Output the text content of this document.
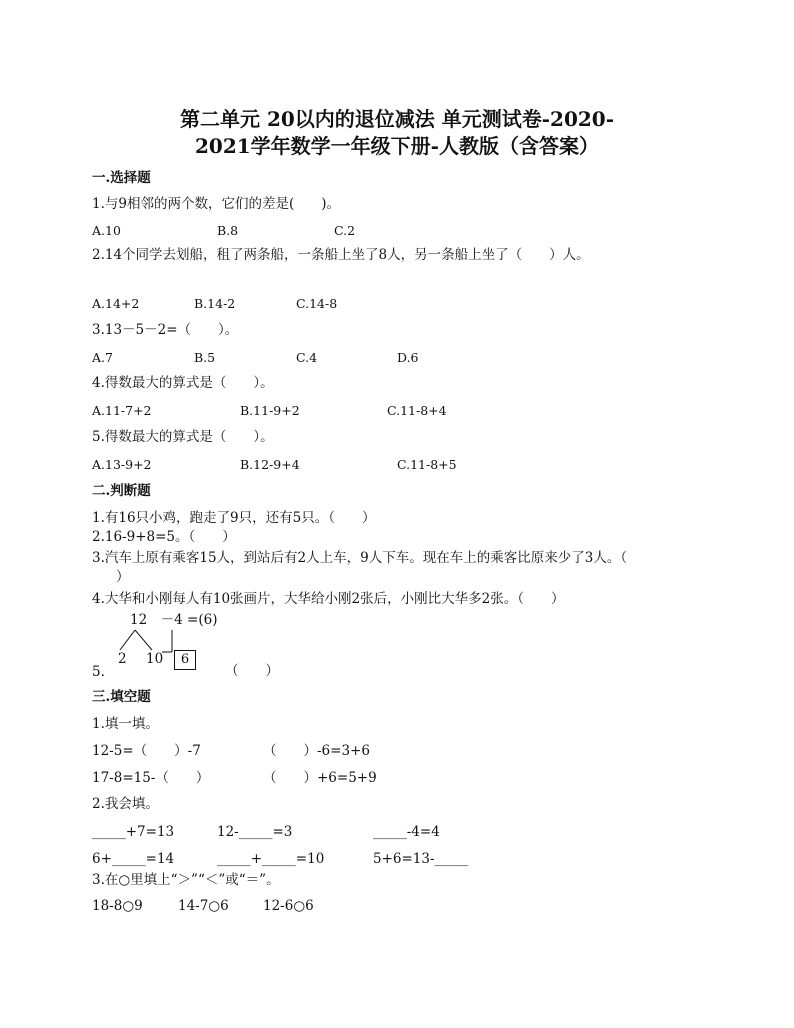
第二单元 20以内的退位减法 单元测试卷-2020-
2021学年数学一年级下册-人教版（含答案）
一.选择题
1.与9相邻的两个数，它们的差是(　　)。
A.10	B.8	C.2
2.14个同学去划船，租了两条船，一条船上坐了8人，另一条船上坐了（　　）人。
A.14+2	B.14-2	C.14-8
3.13－5－2=（　　）。
A.7	B.5	C.4	D.6
4.得数最大的算式是（　　）。
A.11-7+2	B.11-9+2	C.11-8+4
5.得数最大的算式是（　　）。
A.13-9+2	B.12-9+4	C.11-8+5
二.判断题
1.有16只小鸡，跑走了9只，还有5只。（　　）
2.16-9+8=5。（　　）
3.汽车上原有乘客15人，到站后有2人上车，9人下车。现在车上的乘客比原来少了3人。（
）
4.大华和小刚每人有10张画片，大华给小刚2张后，小刚比大华多2张。（　　）
12　－4 =(6)
2 10	6
5.	（　　）
三.填空题
1.填一填。
12-5=（　　）-7	（　　）-6=3+6
17-8=15-（　　）	（　　）+6=5+9
2.我会填。
_____+7=13	12-_____=3	_____-4=4
6+_____=14	_____+_____=10	5+6=13-_____
3.在○里填上“＞”“＜”或“＝”。
18-8○9	14-7○6	12-6○6
